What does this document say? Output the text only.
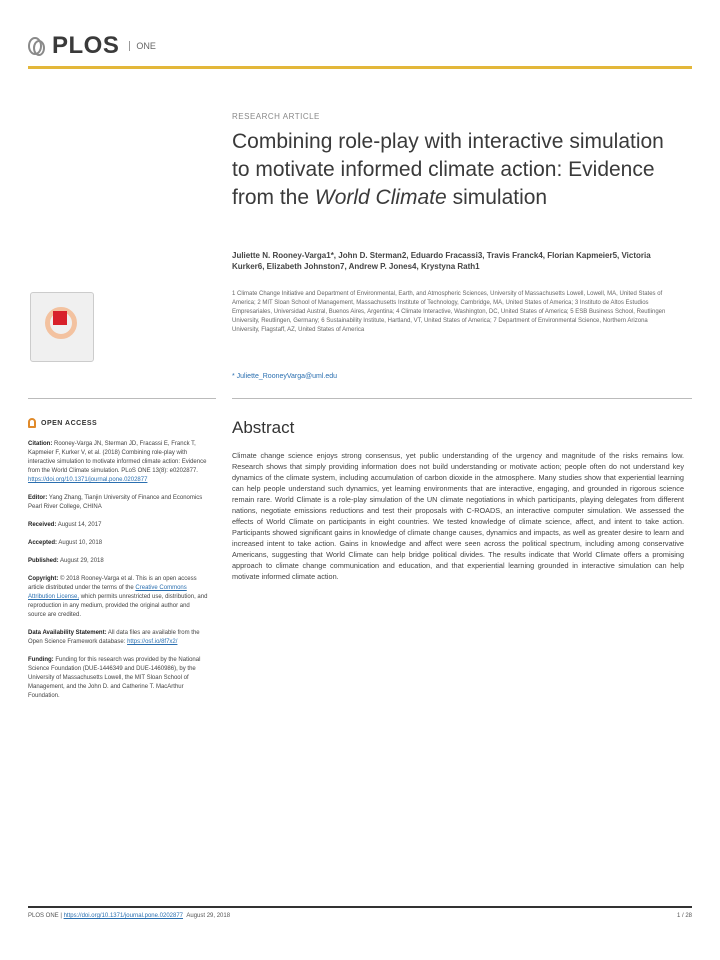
PLOS	ONE
RESEARCH ARTICLE
Combining role-play with interactive simulation to motivate informed climate action: Evidence from the World Climate simulation
Juliette N. Rooney-Varga1*, John D. Sterman2, Eduardo Fracassi3, Travis Franck4, Florian Kapmeier5, Victoria Kurker6, Elizabeth Johnston7, Andrew P. Jones4, Krystyna Rath1
1 Climate Change Initiative and Department of Environmental, Earth, and Atmospheric Sciences, University of Massachusetts Lowell, Lowell, MA, United States of America; 2 MIT Sloan School of Management, Massachusetts Institute of Technology, Cambridge, MA, United States of America; 3 Instituto de Altos Estudios Empresariales, Universidad Austral, Buenos Aires, Argentina; 4 Climate Interactive, Washington, DC, United States of America; 5 ESB Business School, Reutlingen University, Reutlingen, Germany; 6 Sustainability Institute, Hartland, VT, United States of America; 7 Department of Environmental Science, Northern Arizona University, Flagstaff, AZ, United States of America
* Juliette_RooneyVarga@uml.edu
OPEN ACCESS
Citation: Rooney-Varga JN, Sterman JD, Fracassi E, Franck T, Kapmeier F, Kurker V, et al. (2018) Combining role-play with interactive simulation to motivate informed climate action: Evidence from the World Climate simulation. PLoS ONE 13(8): e0202877. https://doi.org/10.1371/journal.pone.0202877
Editor: Yang Zhang, Tianjin University of Finance and Economics Pearl River College, CHINA
Received: August 14, 2017
Accepted: August 10, 2018
Published: August 29, 2018
Copyright: © 2018 Rooney-Varga et al. This is an open access article distributed under the terms of the Creative Commons Attribution License, which permits unrestricted use, distribution, and reproduction in any medium, provided the original author and source are credited.
Data Availability Statement: All data files are available from the Open Science Framework database: https://osf.io/8f7x2/
Funding: Funding for this research was provided by the National Science Foundation (DUE-1446349 and DUE-1460986), by the University of Massachusetts Lowell, the MIT Sloan School of Management, and the John D. and Catherine T. MacArthur Foundation.
Abstract
Climate change science enjoys strong consensus, yet public understanding of the urgency and magnitude of the risks remains low. Research shows that simply providing information does not build understanding or motivate action; people often do not understand key dynamics of the climate system, including accumulation of carbon dioxide in the atmosphere. Many studies show that experiential learning can help people understand such dynamics, yet learning environments that are interactive, engaging, and grounded in rigorous science remain rare. World Climate is a role-play simulation of the UN climate negotiations in which participants, playing delegates from different nations, negotiate emissions reductions and test their proposals with C-ROADS, an interactive computer simulation. We assessed the effects of World Climate on participants in eight countries. We tested knowledge of climate science, affect, and intent to take action. Participants showed significant gains in knowledge of climate change causes, dynamics and impacts, as well as greater desire to learn and increased intent to take action. Gains in knowledge and affect were seen across the political spectrum, including among conservative Americans, suggesting that World Climate can help bridge political divides. The results indicate that World Climate offers a promising approach to climate change communication and education, and that experiential learning grounded in interactive simulation can help motivate informed climate action.
PLOS ONE | https://doi.org/10.1371/journal.pone.0202877  August 29, 2018	1 / 28
